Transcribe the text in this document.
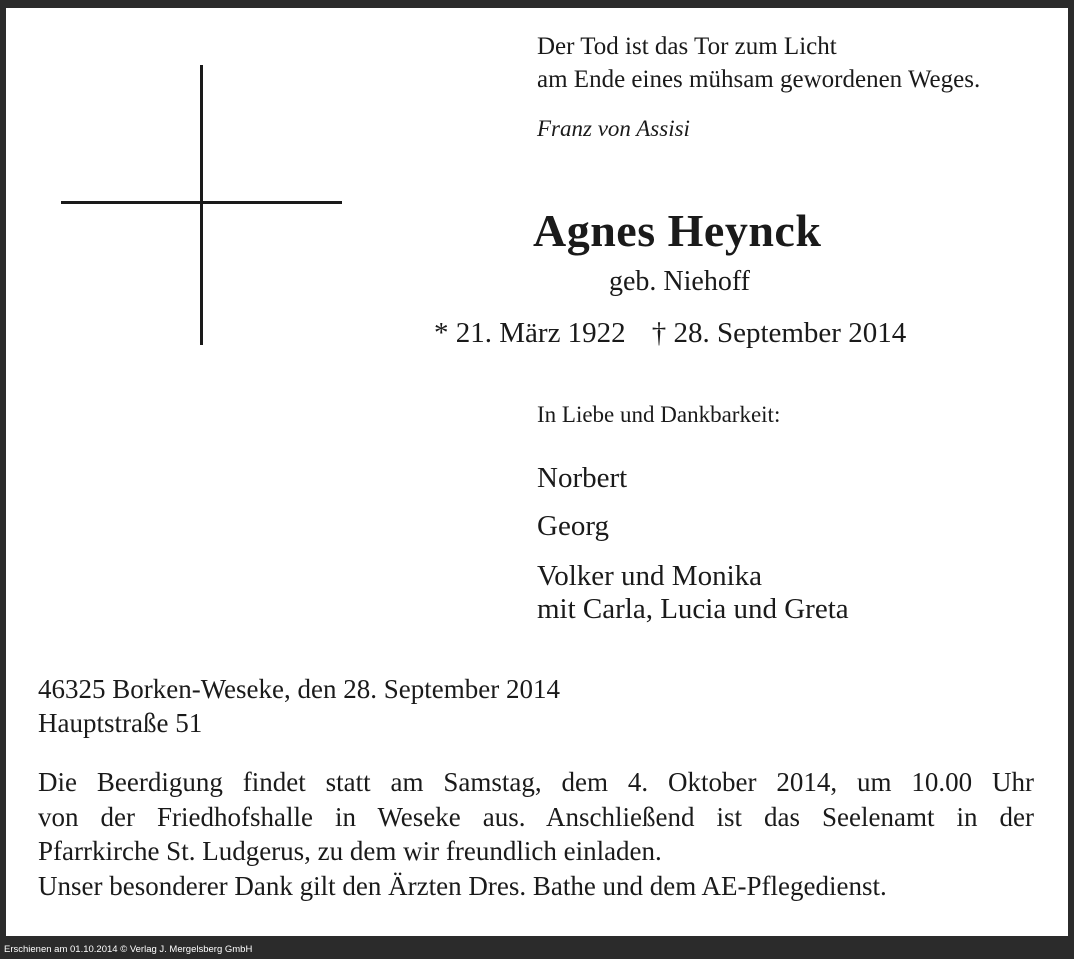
Der Tod ist das Tor zum Licht
am Ende eines mühsam gewordenen Weges.
Franz von Assisi
Agnes Heynck
geb. Niehoff
* 21. März 1922 † 28. September 2014
In Liebe und Dankbarkeit:
Norbert
Georg
Volker und Monika
mit Carla, Lucia und Greta
46325 Borken-Weseke, den 28. September 2014
Hauptstraße 51
Die Beerdigung findet statt am Samstag, dem 4. Oktober 2014, um 10.00 Uhr
von der Friedhofshalle in Weseke aus. Anschließend ist das Seelenamt in der
Pfarrkirche St. Ludgerus, zu dem wir freundlich einladen.
Unser besonderer Dank gilt den Ärzten Dres. Bathe und dem AE-Pflegedienst.
Erschienen am 01.10.2014 © Verlag J. Mergelsberg GmbH
